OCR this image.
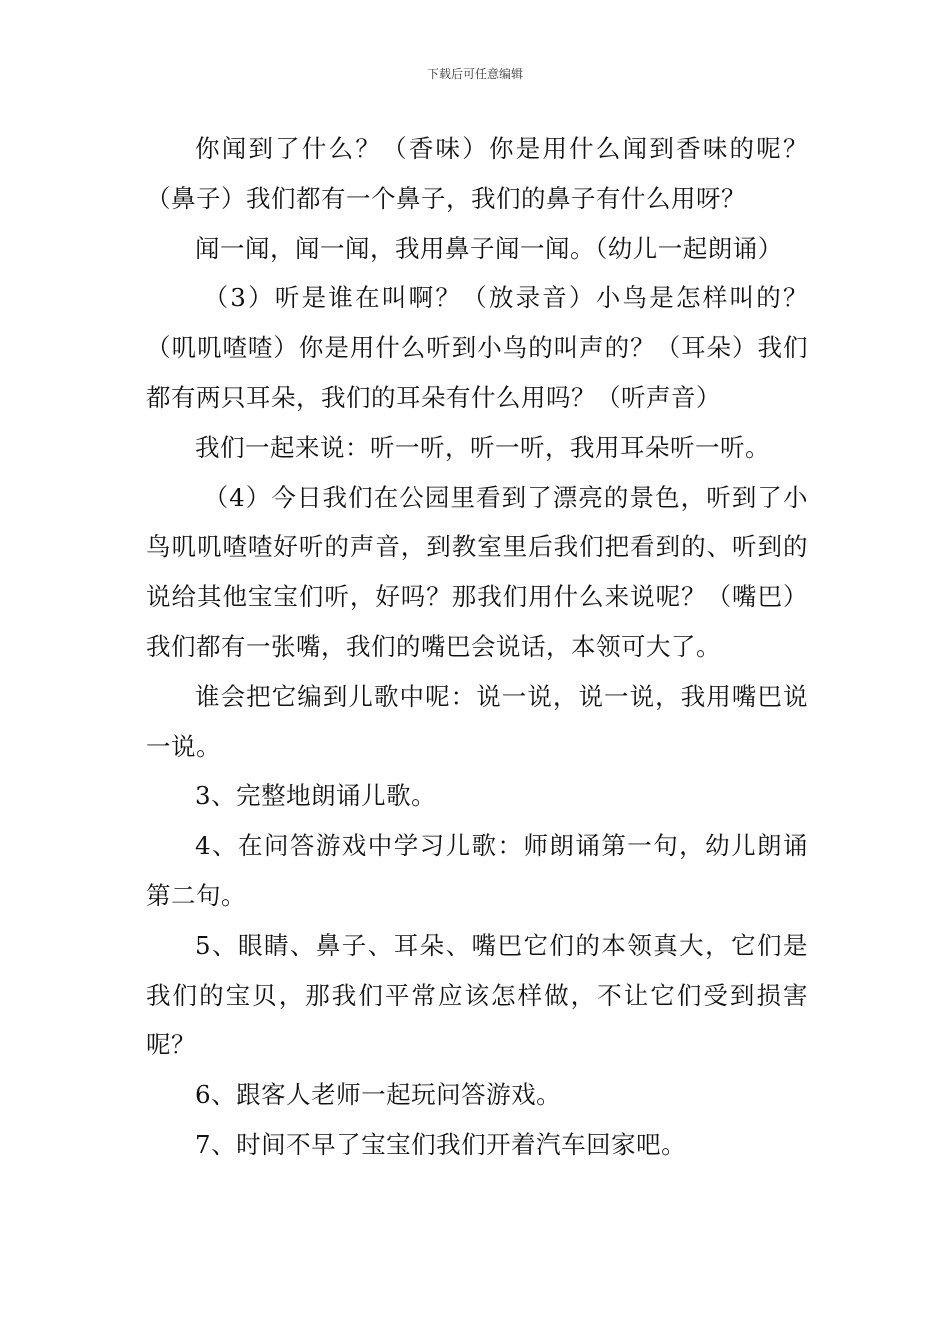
下载后可任意编辑

你闻到了什么？（香味）你是用什么闻到香味的呢？（鼻子）我们都有一个鼻子，我们的鼻子有什么用呀？

闻一闻，闻一闻，我用鼻子闻一闻。（幼儿一起朗诵）

（3）听是谁在叫啊？（放录音）小鸟是怎样叫的？（叽叽喳喳）你是用什么听到小鸟的叫声的？（耳朵）我们都有两只耳朵，我们的耳朵有什么用吗？（听声音）

我们一起来说：听一听，听一听，我用耳朵听一听。

（4）今日我们在公园里看到了漂亮的景色，听到了小鸟叽叽喳喳好听的声音，到教室里后我们把看到的、听到的说给其他宝宝们听，好吗？那我们用什么来说呢？（嘴巴）我们都有一张嘴，我们的嘴巴会说话，本领可大了。

谁会把它编到儿歌中呢：说一说，说一说，我用嘴巴说一说。

3、完整地朗诵儿歌。

4、在问答游戏中学习儿歌：师朗诵第一句，幼儿朗诵第二句。

5、眼睛、鼻子、耳朵、嘴巴它们的本领真大，它们是我们的宝贝，那我们平常应该怎样做，不让它们受到损害呢？

6、跟客人老师一起玩问答游戏。

7、时间不早了宝宝们我们开着汽车回家吧。
